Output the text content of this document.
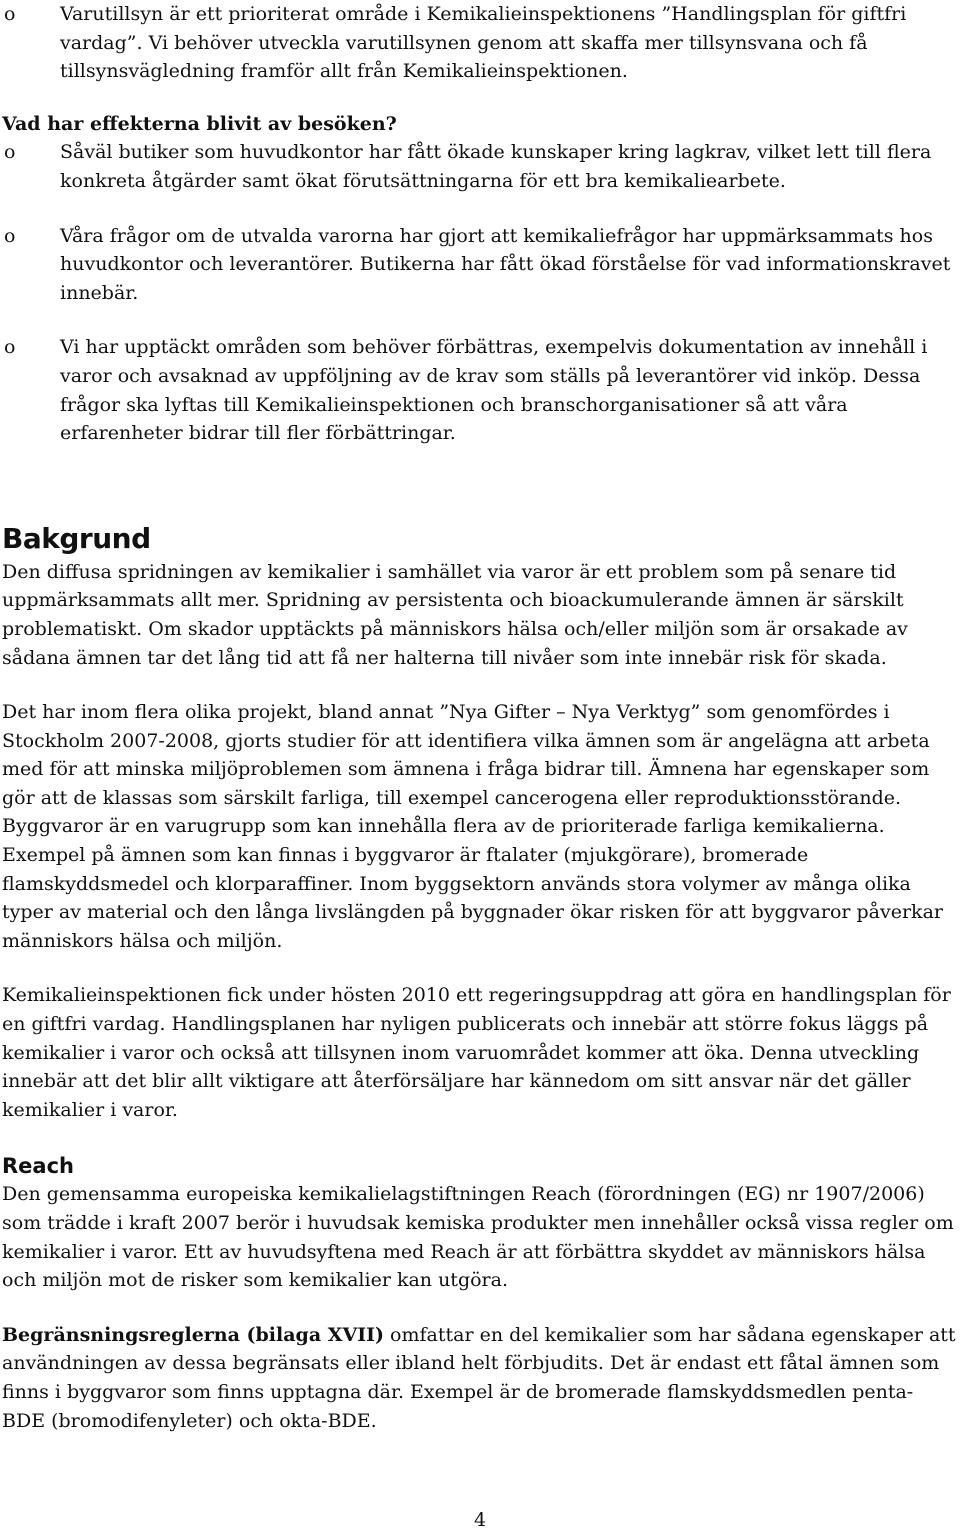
o	Varutillsyn är ett prioriterat område i Kemikalieinspektionens ”Handlingsplan för giftfri vardag”. Vi behöver utveckla varutillsynen genom att skaffa mer tillsynsvana och få tillsynsvägledning framför allt från Kemikalieinspektionen.

Vad har effekterna blivit av besöken?

o	Såväl butiker som huvudkontor har fått ökade kunskaper kring lagkrav, vilket lett till flera konkreta åtgärder samt ökat förutsättningarna för ett bra kemikaliearbete.

o	Våra frågor om de utvalda varorna har gjort att kemikaliefrågor har uppmärksammats hos huvudkontor och leverantörer. Butikerna har fått ökad förståelse för vad informationskravet innebär.

o	Vi har upptäckt områden som behöver förbättras, exempelvis dokumentation av innehåll i varor och avsaknad av uppföljning av de krav som ställs på leverantörer vid inköp. Dessa frågor ska lyftas till Kemikalieinspektionen och branschorganisationer så att våra erfarenheter bidrar till fler förbättringar.

Bakgrund

Den diffusa spridningen av kemikalier i samhället via varor är ett problem som på senare tid uppmärksammats allt mer. Spridning av persistenta och bioackumulerande ämnen är särskilt problematiskt. Om skador upptäckts på människors hälsa och/eller miljön som är orsakade av sådana ämnen tar det lång tid att få ner halterna till nivåer som inte innebär risk för skada.

Det har inom flera olika projekt, bland annat ”Nya Gifter – Nya Verktyg” som genomfördes i Stockholm 2007-2008, gjorts studier för att identifiera vilka ämnen som är angelägna att arbeta med för att minska miljöproblemen som ämnena i fråga bidrar till. Ämnena har egenskaper som gör att de klassas som särskilt farliga, till exempel cancerogena eller reproduktionsstörande. Byggvaror är en varugrupp som kan innehålla flera av de prioriterade farliga kemikalierna. Exempel på ämnen som kan finnas i byggvaror är ftalater (mjukgörare), bromerade flamskyddsmedel och klorparaffiner. Inom byggsektorn används stora volymer av många olika typer av material och den långa livslängden på byggnader ökar risken för att byggvaror påverkar människors hälsa och miljön.

Kemikalieinspektionen fick under hösten 2010 ett regeringsuppdrag att göra en handlingsplan för en giftfri vardag. Handlingsplanen har nyligen publicerats och innebär att större fokus läggs på kemikalier i varor och också att tillsynen inom varuområdet kommer att öka. Denna utveckling innebär att det blir allt viktigare att återförsäljare har kännedom om sitt ansvar när det gäller kemikalier i varor.

Reach

Den gemensamma europeiska kemikalielagstiftningen Reach (förordningen (EG) nr 1907/2006) som trädde i kraft 2007 berör i huvudsak kemiska produkter men innehåller också vissa regler om kemikalier i varor. Ett av huvudsyftena med Reach är att förbättra skyddet av människors hälsa och miljön mot de risker som kemikalier kan utgöra.

Begränsningsreglerna (bilaga XVII) omfattar en del kemikalier som har sådana egenskaper att användningen av dessa begränsats eller ibland helt förbjudits. Det är endast ett fåtal ämnen som finns i byggvaror som finns upptagna där. Exempel är de bromerade flamskyddsmedlen penta-BDE (bromodifenyleter) och okta-BDE.

4
